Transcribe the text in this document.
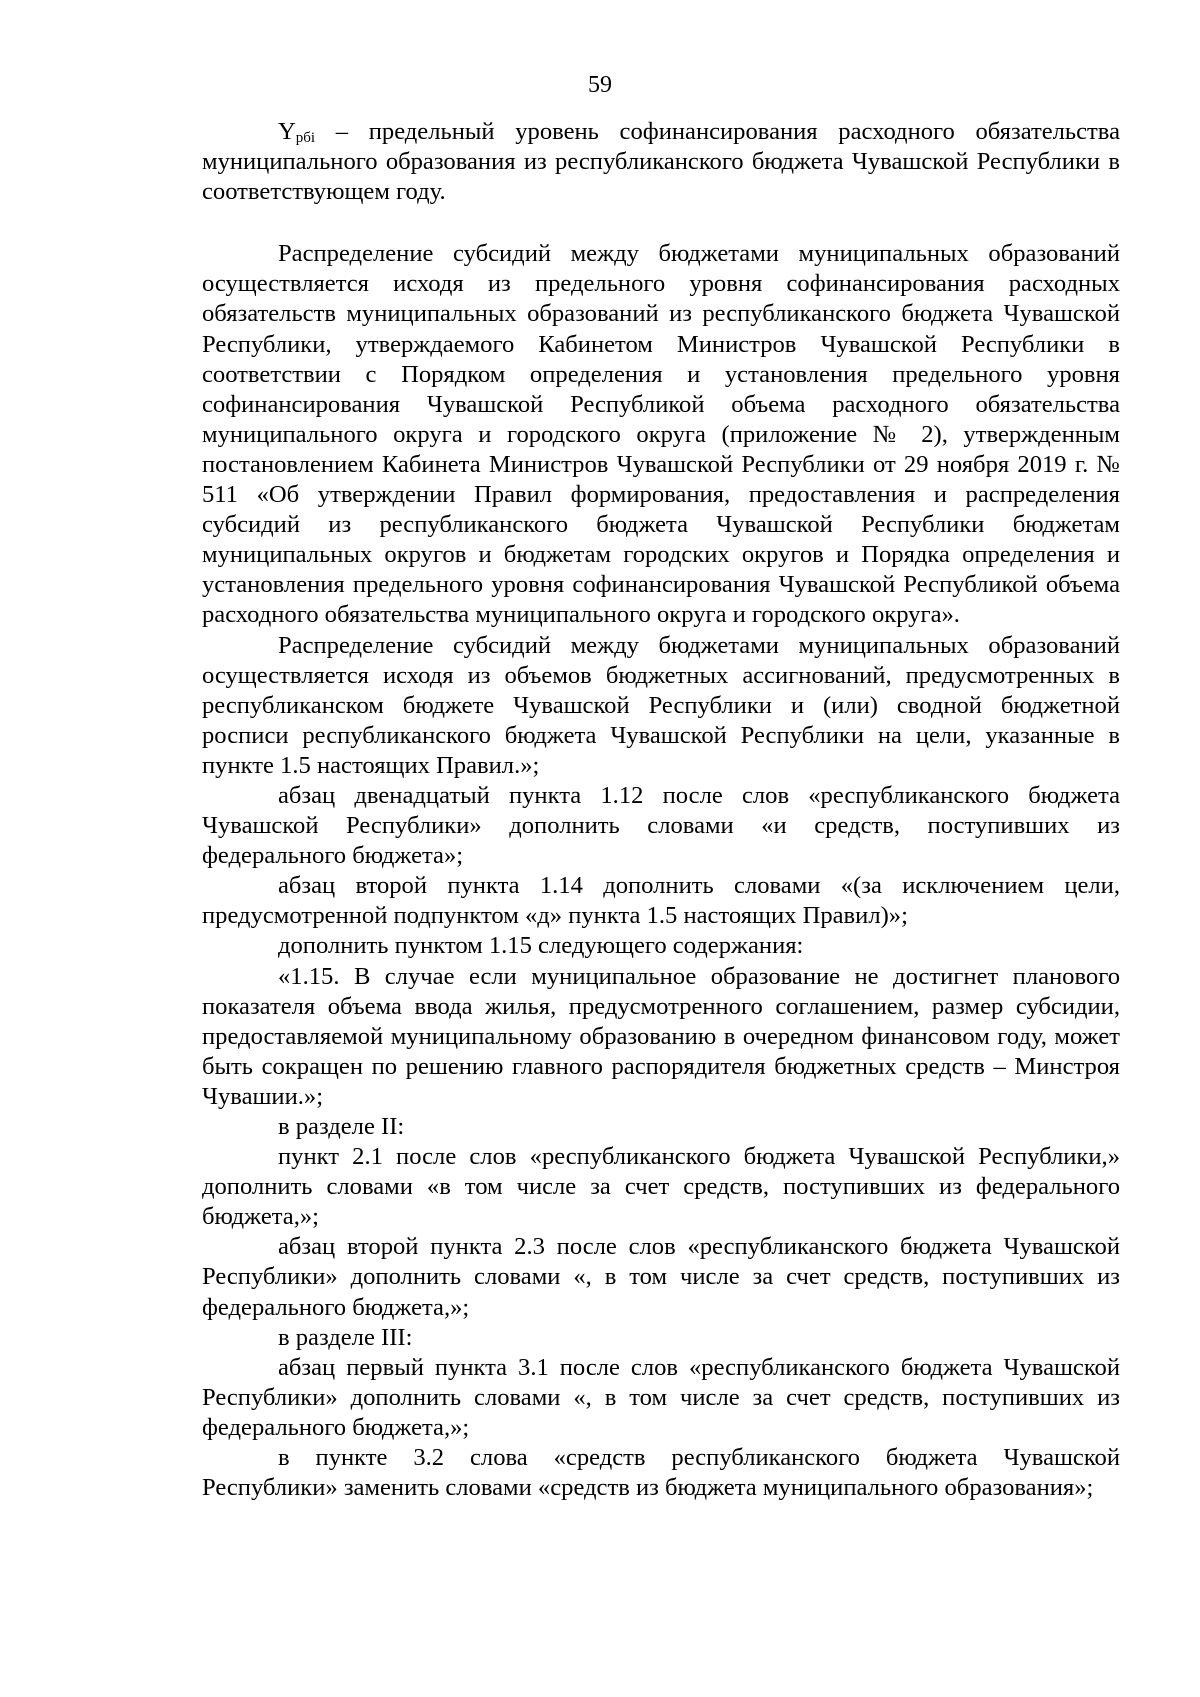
59

$Y_{рбi}$ – предельный уровень софинансирования расходного обязательства муниципального образования из республиканского бюджета Чувашской Республики в соответствующем году.

Распределение субсидий между бюджетами муниципальных образований осуществляется исходя из предельного уровня софинансирования расходных обязательств муниципальных образований из республиканского бюджета Чувашской Республики, утверждаемого Кабинетом Министров Чувашской Республики в соответствии с Порядком определения и установления предельного уровня софинансирования Чувашской Республикой объема расходного обязательства муниципального округа и городского округа (приложение № 2), утвержденным постановлением Кабинета Министров Чувашской Республики от 29 ноября 2019 г. № 511 «Об утверждении Правил формирования, предоставления и распределения субсидий из республиканского бюджета Чувашской Республики бюджетам муниципальных округов и бюджетам городских округов и Порядка определения и установления предельного уровня софинансирования Чувашской Республикой объема расходного обязательства муниципального округа и городского округа».

Распределение субсидий между бюджетами муниципальных образований осуществляется исходя из объемов бюджетных ассигнований, предусмотренных в республиканском бюджете Чувашской Республики и (или) сводной бюджетной росписи республиканского бюджета Чувашской Республики на цели, указанные в пункте 1.5 настоящих Правил.»;

абзац двенадцатый пункта 1.12 после слов «республиканского бюджета Чувашской Республики» дополнить словами «и средств, поступивших из федерального бюджета»;

абзац второй пункта 1.14 дополнить словами «(за исключением цели, предусмотренной подпунктом «д» пункта 1.5 настоящих Правил)»;

дополнить пунктом 1.15 следующего содержания:

«1.15. В случае если муниципальное образование не достигнет планового показателя объема ввода жилья, предусмотренного соглашением, размер субсидии, предоставляемой муниципальному образованию в очередном финансовом году, может быть сокращен по решению главного распорядителя бюджетных средств – Минстроя Чувашии.»;

в разделе II:

пункт 2.1 после слов «республиканского бюджета Чувашской Республики,» дополнить словами «в том числе за счет средств, поступивших из федерального бюджета,»;

абзац второй пункта 2.3 после слов «республиканского бюджета Чувашской Республики» дополнить словами «, в том числе за счет средств, поступивших из федерального бюджета,»;

в разделе III:

абзац первый пункта 3.1 после слов «республиканского бюджета Чувашской Республики» дополнить словами «, в том числе за счет средств, поступивших из федерального бюджета,»;

в пункте 3.2 слова «средств республиканского бюджета Чувашской Республики» заменить словами «средств из бюджета муниципального образования»;
